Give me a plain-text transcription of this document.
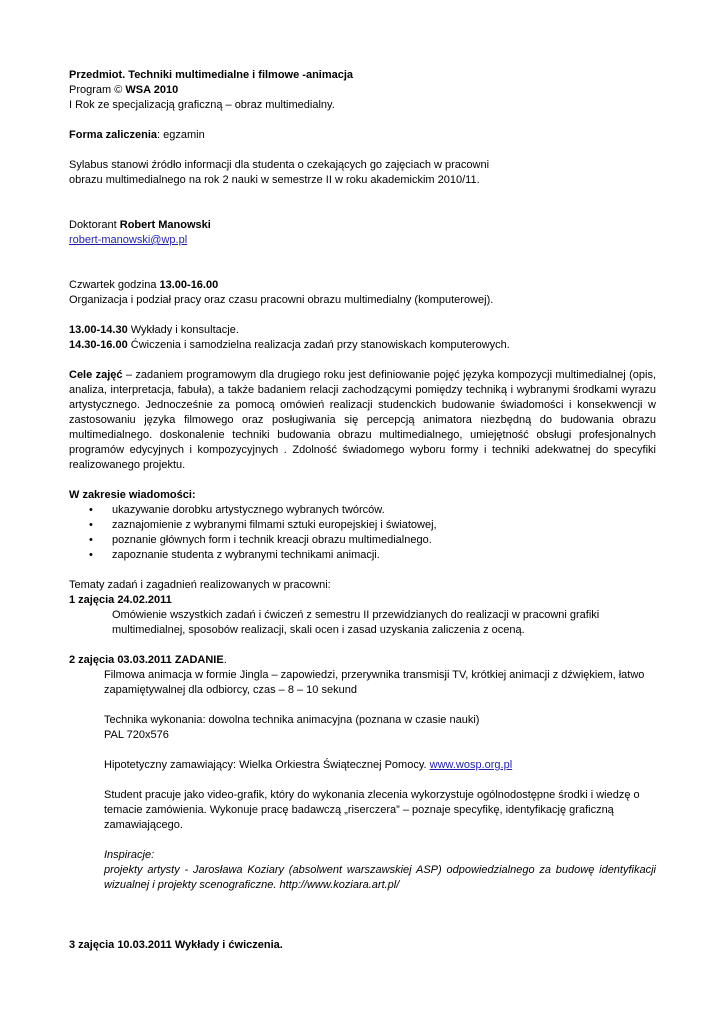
Przedmiot. Techniki multimedialne i filmowe -animacja

Program © WSA 2010

I Rok ze specjalizacją graficzną – obraz multimedialny.

Forma zaliczenia: egzamin

Sylabus stanowi źródło informacji dla studenta o czekających go zajęciach w pracowni

obrazu multimedialnego na rok 2 nauki w semestrze II w roku akademickim 2010/11.

Doktorant Robert Manowski

robert-manowski@wp.pl

Czwartek godzina 13.00-16.00

Organizacja i podział pracy oraz czasu pracowni obrazu multimedialny (komputerowej).

13.00-14.30 Wykłady i konsultacje.

14.30-16.00 Ćwiczenia i samodzielna realizacja zadań przy stanowiskach komputerowych.

Cele zajęć – zadaniem programowym dla drugiego roku jest definiowanie pojęć języka kompozycji multimedialnej (opis, analiza, interpretacja, fabuła), a także badaniem relacji zachodzącymi pomiędzy techniką i wybranymi środkami wyrazu artystycznego. Jednocześnie za pomocą omówień realizacji studenckich budowanie świadomości i konsekwencji w zastosowaniu języka filmowego oraz posługiwania się percepcją animatora niezbędną do budowania obrazu multimedialnego. doskonalenie techniki budowania obrazu multimedialnego, umiejętność obsługi profesjonalnych programów edycyjnych i kompozycyjnych . Zdolność świadomego wyboru formy i techniki adekwatnej do specyfiki realizowanego projektu.

W zakresie wiadomości:

• ukazywanie dorobku artystycznego wybranych twórców.
• zaznajomienie z wybranymi filmami sztuki europejskiej i światowej,
• poznanie głównych form i technik kreacji obrazu multimedialnego.
• zapoznanie studenta z wybranymi technikami animacji.

Tematy zadań i zagadnień realizowanych w pracowni:

1 zajęcia 24.02.2011

Omówienie wszystkich zadań i ćwiczeń z semestru II przewidzianych do realizacji w pracowni grafiki multimedialnej, sposobów realizacji, skali ocen i zasad uzyskania zaliczenia z oceną.

2 zajęcia 03.03.2011 ZADANIE.

Filmowa animacja w formie Jingla – zapowiedzi, przerywnika transmisji TV, krótkiej animacji z dźwiękiem, łatwo zapamiętywalnej dla odbiorcy, czas – 8 – 10 sekund

Technika wykonania: dowolna technika animacyjna (poznana w czasie nauki)

PAL 720x576

Hipotetyczny zamawiający: Wielka Orkiestra Świątecznej Pomocy. www.wosp.org.pl

Student pracuje jako video-grafik, który do wykonania zlecenia wykorzystuje ogólnodostępne środki i wiedzę o temacie zamówienia. Wykonuje pracę badawczą „riserczera” – poznaje specyfikę, identyfikację graficzną zamawiającego.

Inspiracje:

projekty artysty - Jarosława Koziary (absolwent warszawskiej ASP) odpowiedzialnego za budowę identyfikacji wizualnej i projekty scenograficzne. http://www.koziara.art.pl/

3 zajęcia 10.03.2011 Wykłady i ćwiczenia.
